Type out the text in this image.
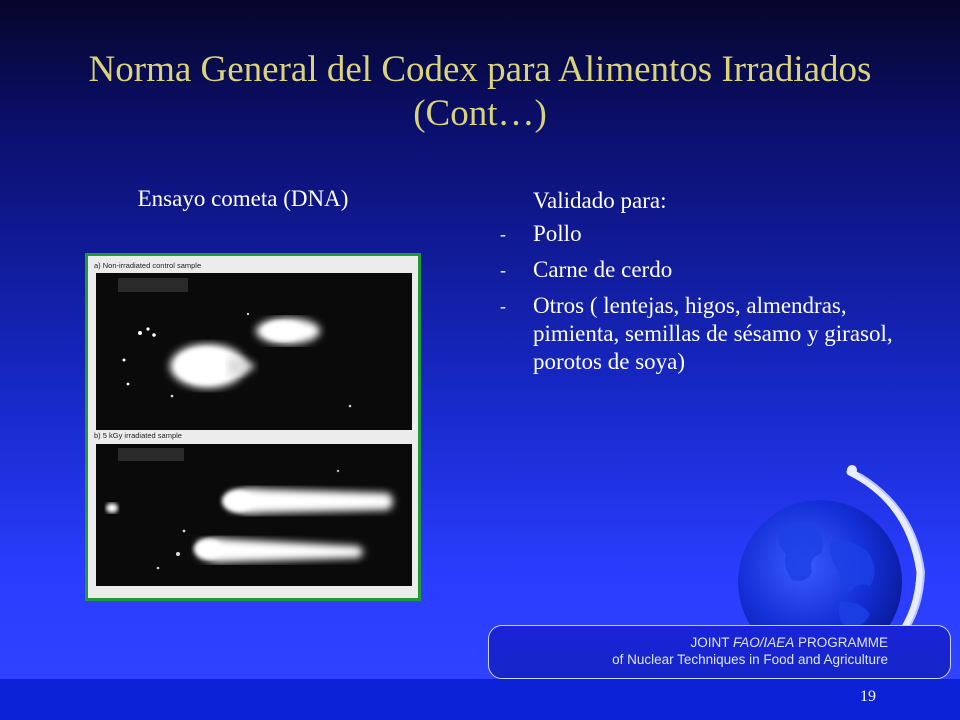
Norma General del Codex para Alimentos Irradiados
(Cont…)
Ensayo cometa (DNA)	Validado para:
-	Pollo
-	Carne de cerdo
-	Otros ( lentejas, higos, almendras, pimienta, semillas de sésamo y girasol, porotos de soya)
a) Non-irradiated control sample
b) 5 kGy irradiated sample
JOINT FAO/IAEA PROGRAMME
of Nuclear Techniques in Food and Agriculture
19
